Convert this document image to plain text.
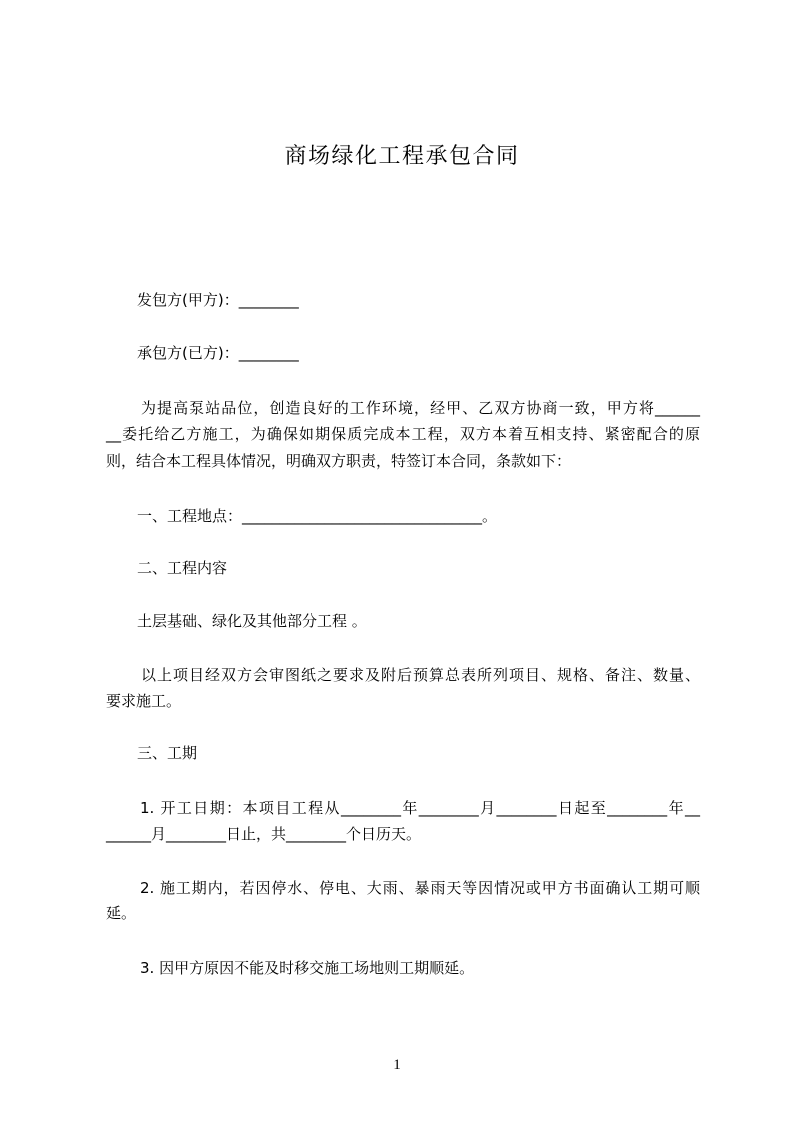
商场绿化工程承包合同
发包方(甲方)：________
承包方(已方)：________
为提高泵站品位，创造良好的工作环境，经甲、乙双方协商一致，甲方将______
__委托给乙方施工，为确保如期保质完成本工程，双方本着互相支持、紧密配合的原
则，结合本工程具体情况，明确双方职责，特签订本合同，条款如下：
一、工程地点：________________________________。
二、工程内容
土层基础、绿化及其他部分工程 。
以上项目经双方会审图纸之要求及附后预算总表所列项目、规格、备注、数量、
要求施工。
三、工期
1. 开工日期：本项目工程从________年________月________日起至________年__
______月________日止，共________个日历天。
2. 施工期内，若因停水、停电、大雨、暴雨天等因情况或甲方书面确认工期可顺
延。
3. 因甲方原因不能及时移交施工场地则工期顺延。
1
